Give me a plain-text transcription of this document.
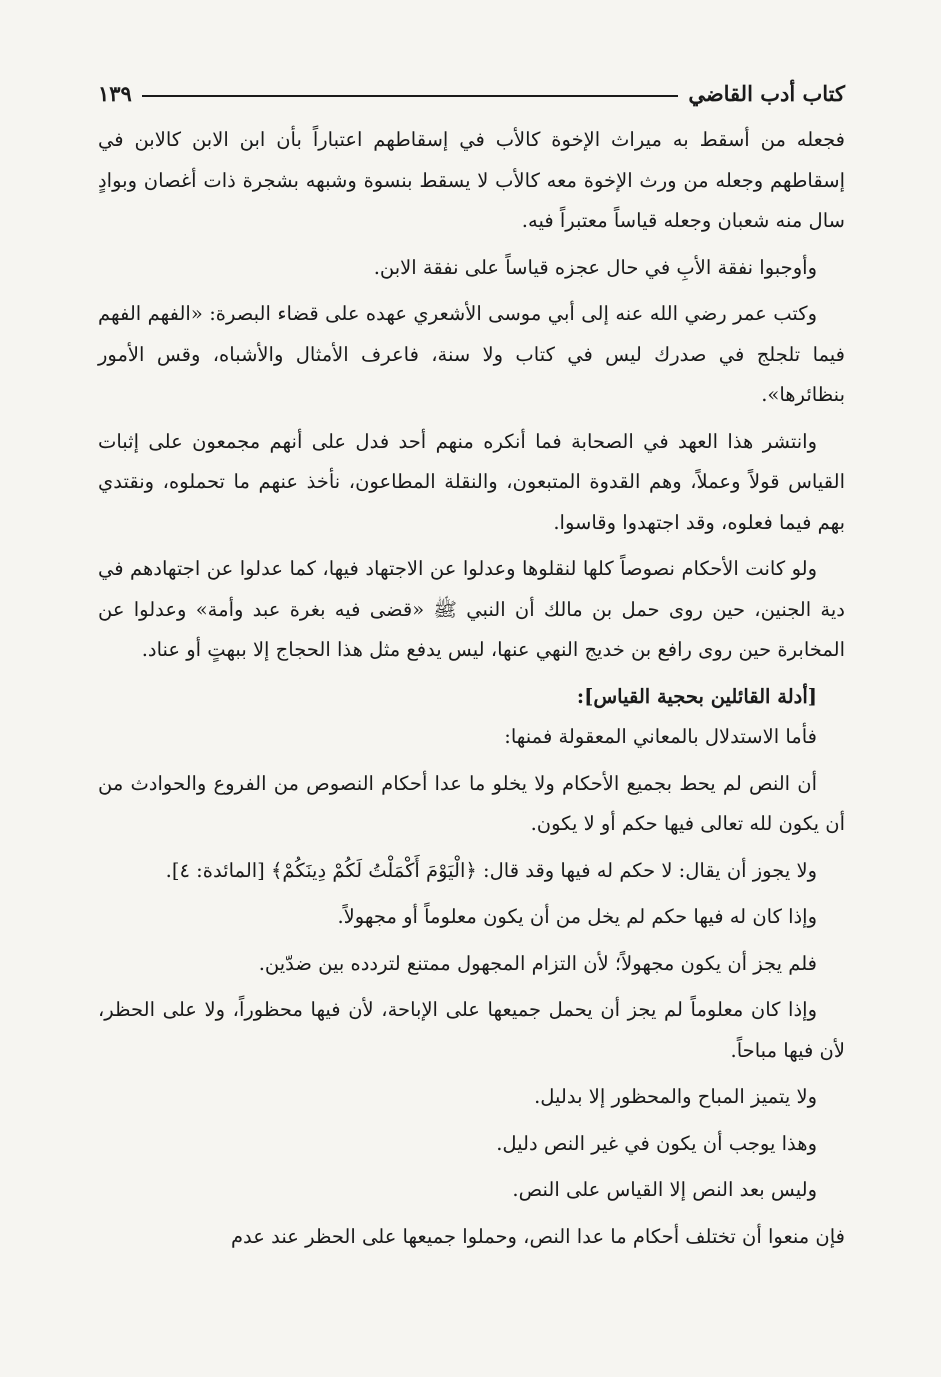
كتاب أدب القاضي
١٣٩

فجعله من أسقط به ميراث الإخوة كالأب في إسقاطهم اعتباراً بأن ابن الابن كالابن في إسقاطهم وجعله من ورث الإخوة معه كالأب لا يسقط بنسوة وشبهه بشجرة ذات أغصان وبوادٍ سال منه شعبان وجعله قياساً معتبراً فيه.

وأوجبوا نفقة الأبِ في حال عجزه قياساً على نفقة الابن.

وكتب عمر رضي الله عنه إلى أبي موسى الأشعري عهده على قضاء البصرة: «الفهم الفهم فيما تلجلج في صدرك ليس في كتاب ولا سنة، فاعرف الأمثال والأشباه، وقس الأمور بنظائرها».

وانتشر هذا العهد في الصحابة فما أنكره منهم أحد فدل على أنهم مجمعون على إثبات القياس قولاً وعملاً، وهم القدوة المتبعون، والنقلة المطاعون، نأخذ عنهم ما تحملوه، ونقتدي بهم فيما فعلوه، وقد اجتهدوا وقاسوا.

ولو كانت الأحكام نصوصاً كلها لنقلوها وعدلوا عن الاجتهاد فيها، كما عدلوا عن اجتهادهم في دية الجنين، حين روى حمل بن مالك أن النبي ﷺ «قضى فيه بغرة عبد وأمة» وعدلوا عن المخابرة حين روى رافع بن خديج النهي عنها، ليس يدفع مثل هذا الحجاج إلا ببهتٍ أو عناد.

[أدلة القائلين بحجية القياس]:

فأما الاستدلال بالمعاني المعقولة فمنها:

أن النص لم يحط بجميع الأحكام ولا يخلو ما عدا أحكام النصوص من الفروع والحوادث من أن يكون لله تعالى فيها حكم أو لا يكون.

ولا يجوز أن يقال: لا حكم له فيها وقد قال: ﴿الْيَوْمَ أَكْمَلْتُ لَكُمْ دِينَكُمْ﴾ [المائدة: ٤].

وإذا كان له فيها حكم لم يخل من أن يكون معلوماً أو مجهولاً.

فلم يجز أن يكون مجهولاً؛ لأن التزام المجهول ممتنع لتردده بين ضدّين.

وإذا كان معلوماً لم يجز أن يحمل جميعها على الإباحة، لأن فيها محظوراً، ولا على الحظر، لأن فيها مباحاً.

ولا يتميز المباح والمحظور إلا بدليل.

وهذا يوجب أن يكون في غير النص دليل.

وليس بعد النص إلا القياس على النص.

فإن منعوا أن تختلف أحكام ما عدا النص، وحملوا جميعها على الحظر عند عدم
